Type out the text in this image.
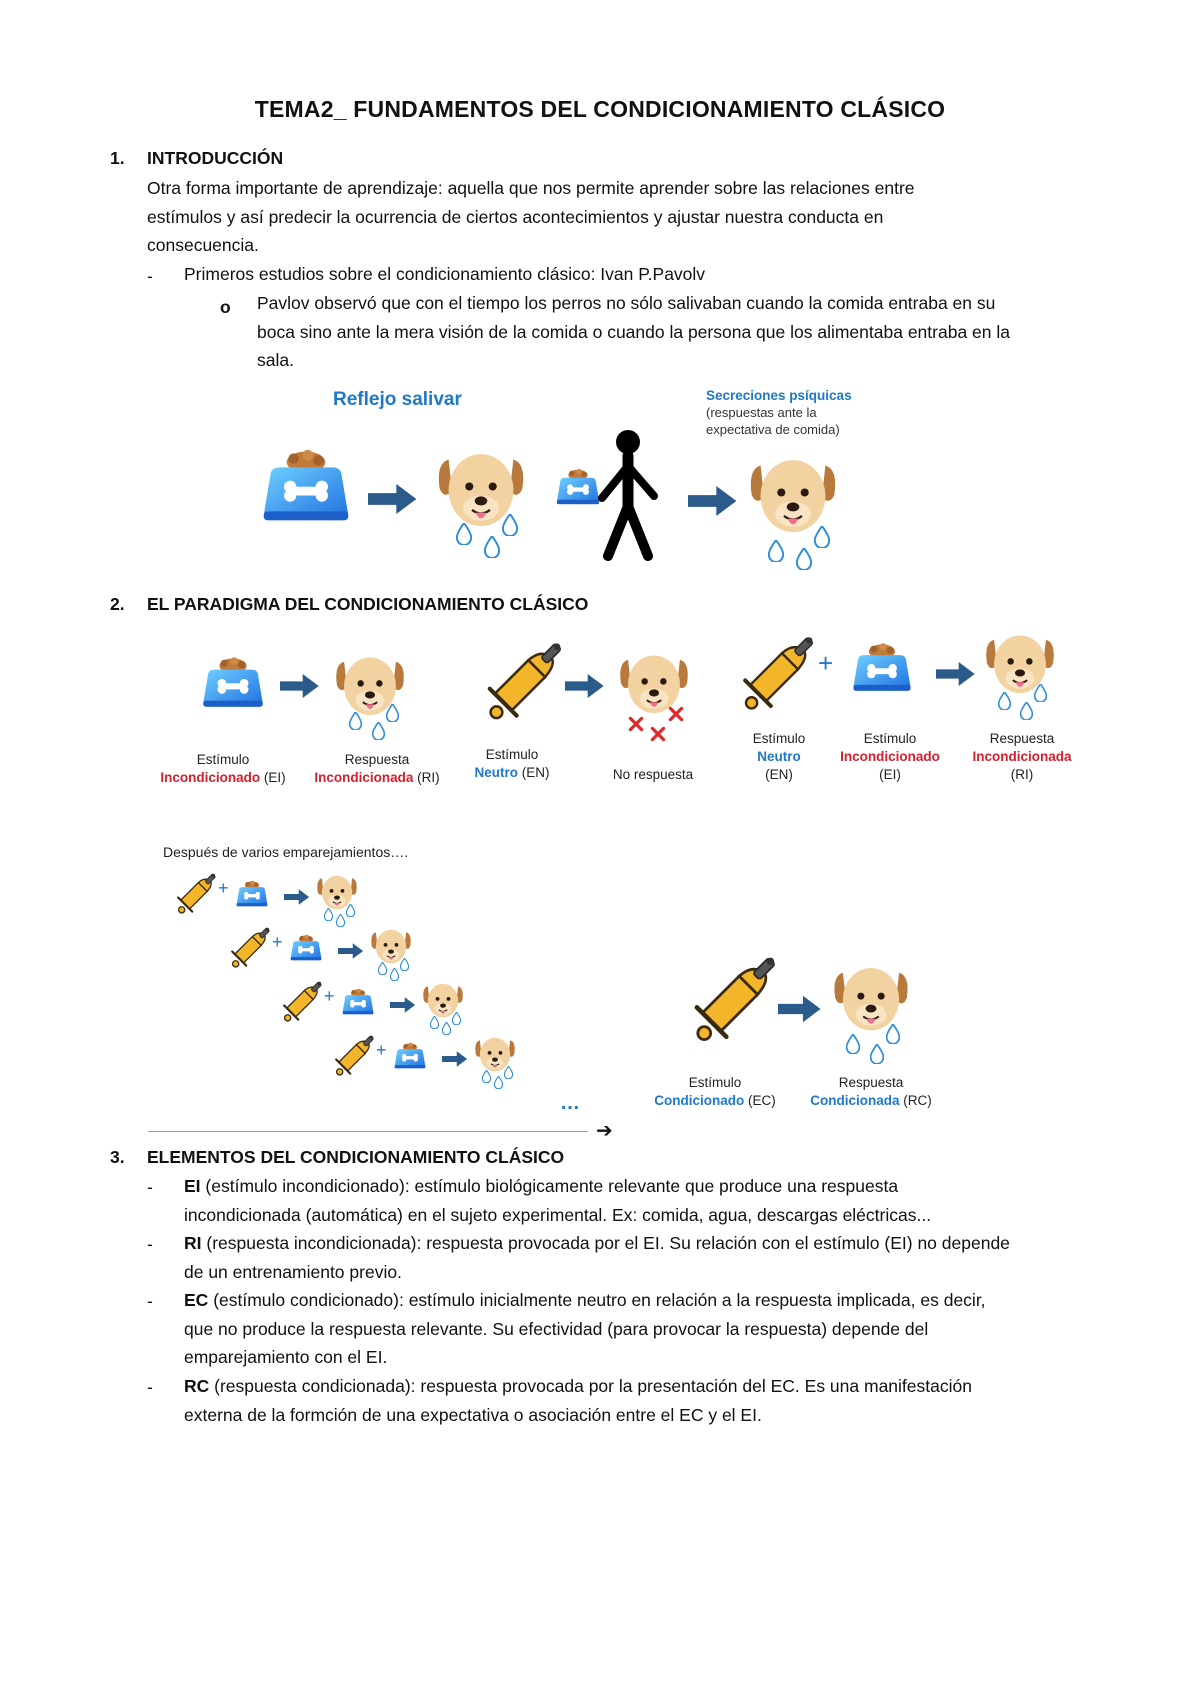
TEMA2_ FUNDAMENTOS DEL CONDICIONAMIENTO CLÁSICO
1. INTRODUCCIÓN
Otra forma importante de aprendizaje: aquella que nos permite aprender sobre las relaciones entre
estímulos y así predecir la ocurrencia de ciertos acontecimientos y ajustar nuestra conducta en
consecuencia.
- Primeros estudios sobre el condicionamiento clásico: Ivan P.Pavolv
o Pavlov observó que con el tiempo los perros no sólo salivaban cuando la comida entraba en su
boca sino ante la mera visión de la comida o cuando la persona que los alimentaba entraba en la
sala.
Reflejo salivar	Secreciones psíquicas
(respuestas ante la
expectativa de comida)
2. EL PARADIGMA DEL CONDICIONAMIENTO CLÁSICO
Estímulo
Incondicionado (EI)
Respuesta
Incondicionada (RI)
Estímulo
Neutro (EN)	No respuesta
+
Estímulo
Neutro
(EN)
Estímulo
Incondicionado
(EI)
Respuesta
Incondicionada
(RI)
Después de varios emparejamientos….
+
+
+
+
…
➔
Estímulo
Condicionado (EC)
Respuesta
Condicionada (RC)
3. ELEMENTOS DEL CONDICIONAMIENTO CLÁSICO
- EI (estímulo incondicionado): estímulo biológicamente relevante que produce una respuesta
incondicionada (automática) en el sujeto experimental. Ex: comida, agua, descargas eléctricas...
- RI (respuesta incondicionada): respuesta provocada por el EI. Su relación con el estímulo (EI) no depende
de un entrenamiento previo.
- EC (estímulo condicionado): estímulo inicialmente neutro en relación a la respuesta implicada, es decir,
que no produce la respuesta relevante. Su efectividad (para provocar la respuesta) depende del
emparejamiento con el EI.
- RC (respuesta condicionada): respuesta provocada por la presentación del EC. Es una manifestación
externa de la formción de una expectativa o asociación entre el EC y el EI.
